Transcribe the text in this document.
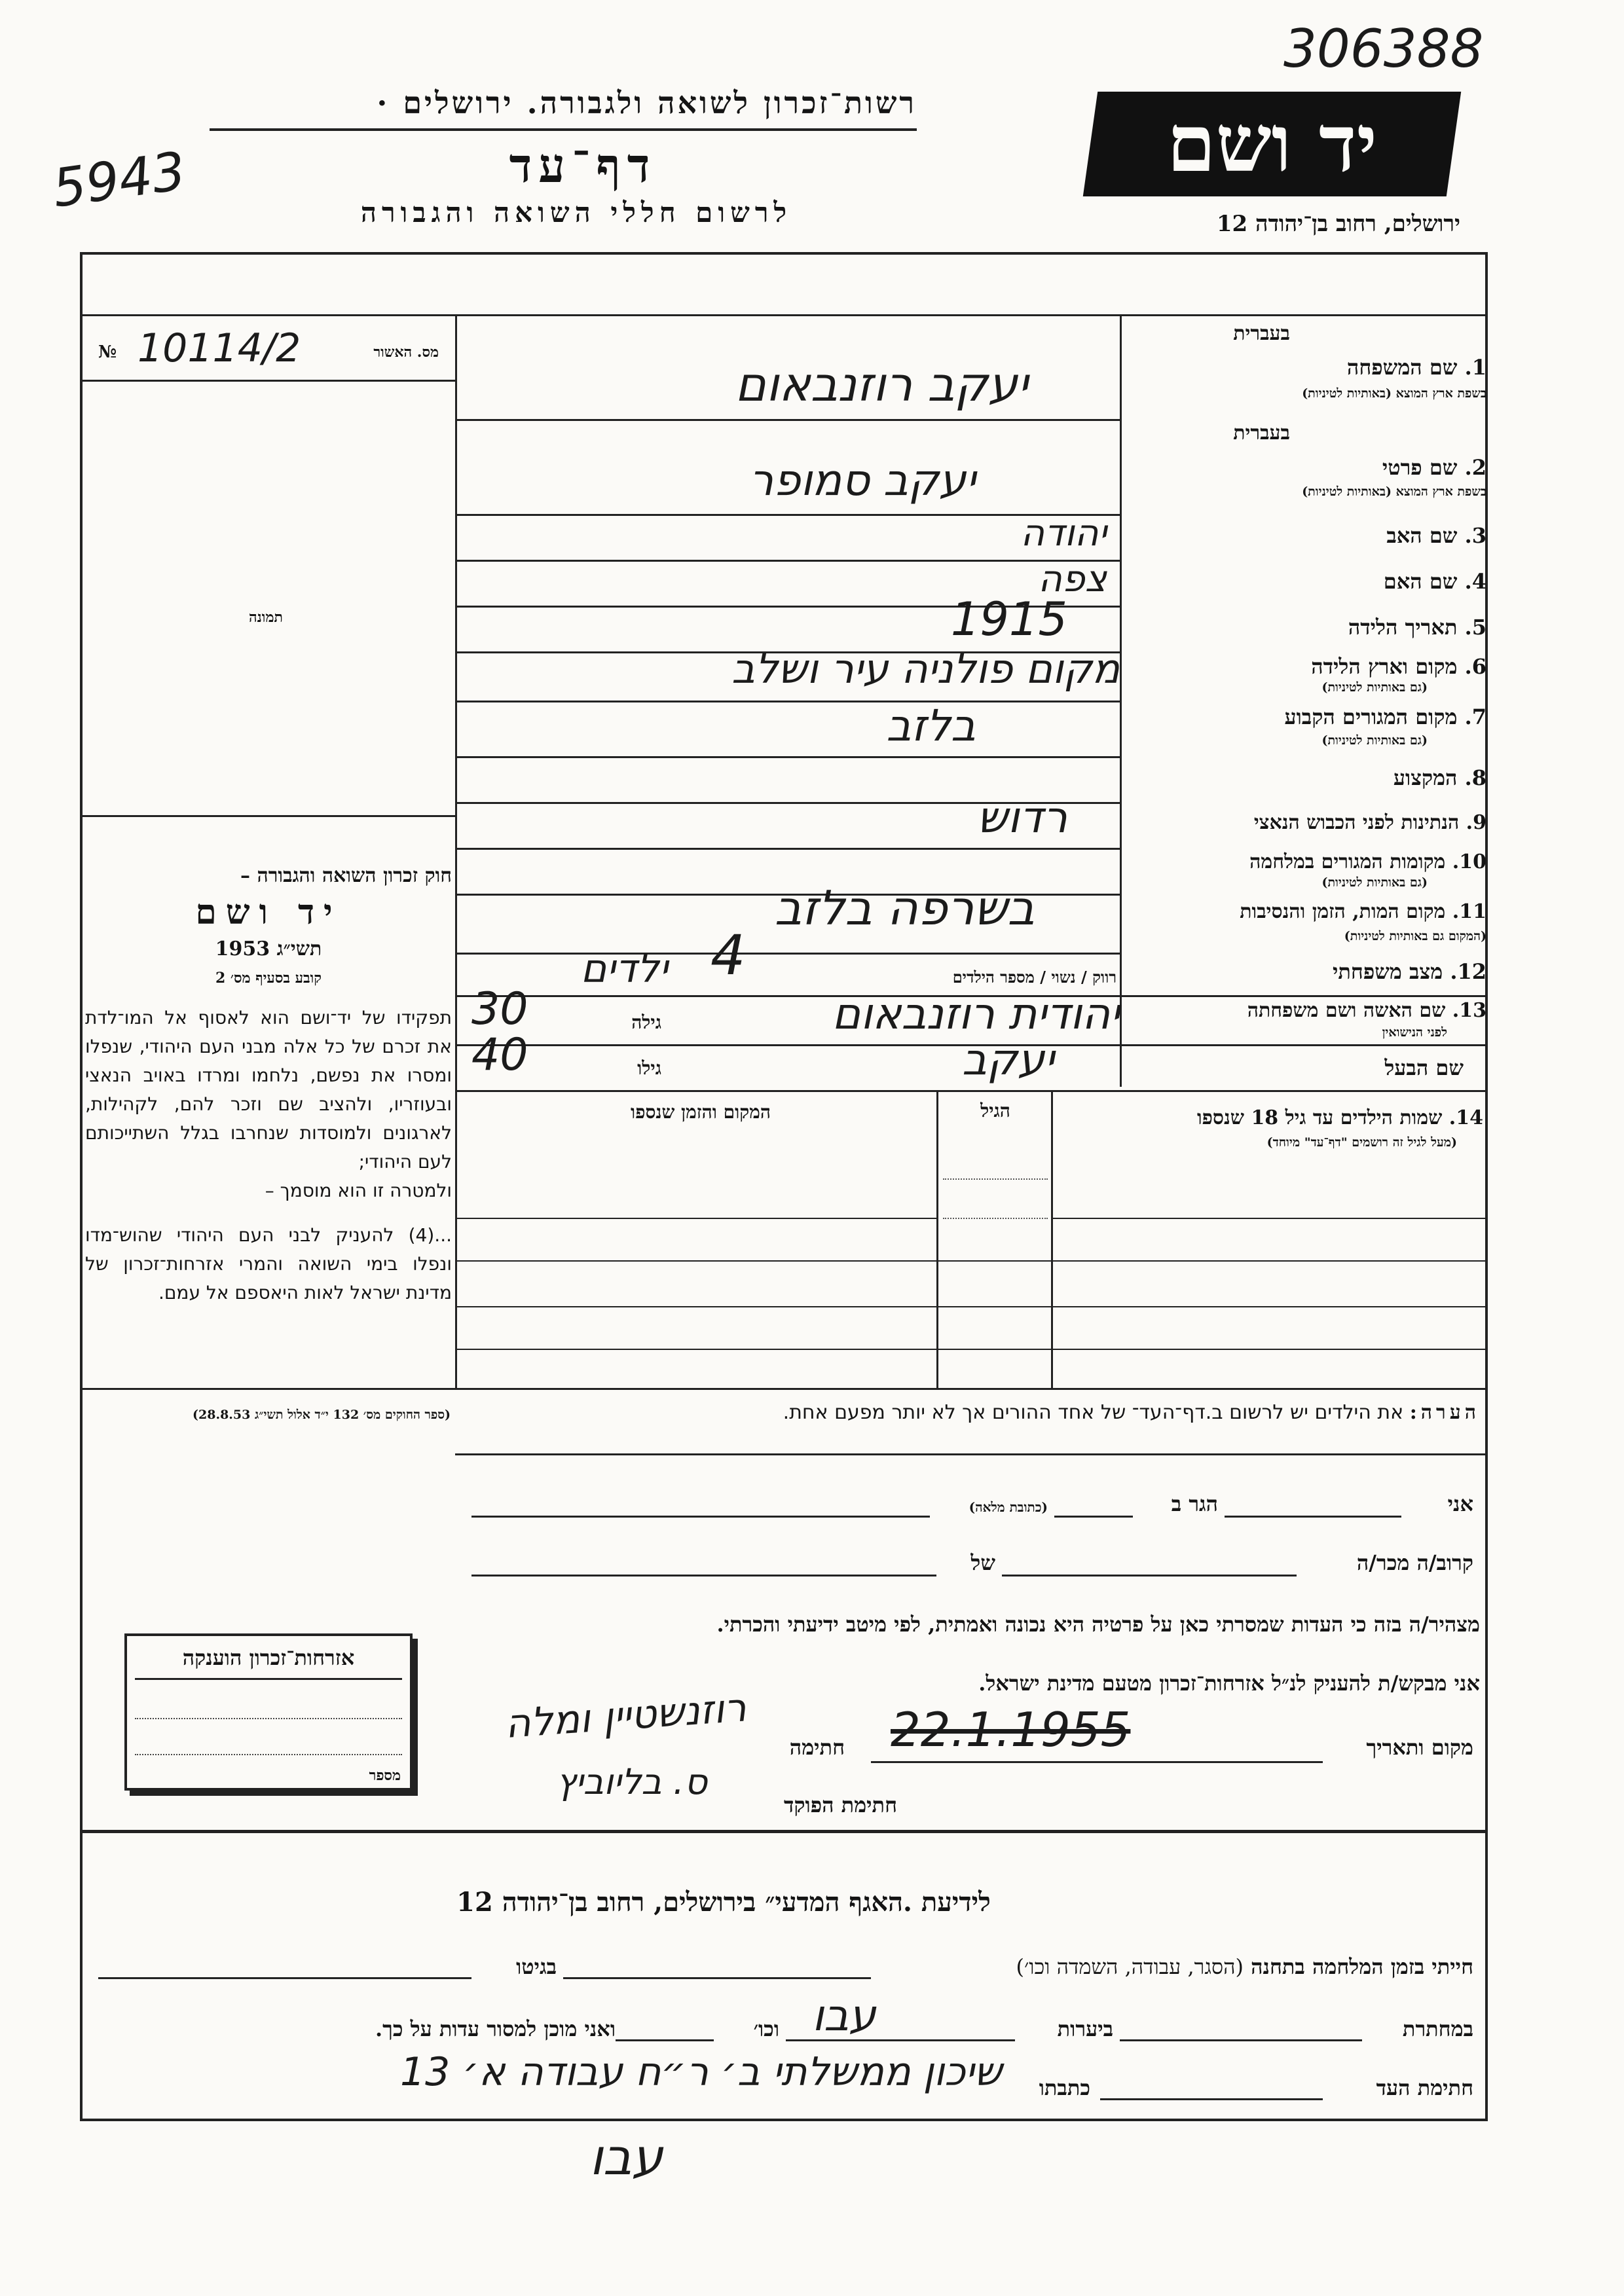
306388
5943
רשות־זכרון לשואה ולגבורה. ירושלים ·
דף־עד
לרשום חללי השואה והגבורה
יד ושם
ירושלים, רחוב בן־יהודה 12
№ 10114/2	מס. האשור
תמונה
חוק זכרון השואה והגבורה –
יד ושם
תשי״ג 1953
קובע בסעיף מס׳ 2
תפקידו של יד־ושם הוא לאסוף אל המו־לדת את זכרם של כל אלה מבני העם היהודי, שנפלו ומסרו את נפשם, נלחמו ומרדו באויב הנאצי ובעוזריו, ולהציב שם וזכר להם, לקהילות, לארגונים ולמוסדות שנחרבו בגלל השתייכותם לעם היהודי;
ולמטרה זו הוא מוסמך –
...(4) להעניק לבני העם היהודי שהוש־מדו ונפלו בימי השואה והמרי אזרחות־זכרון של מדינת ישראל לאות היאספם אל עמם.
(ספר החוקים מס׳ 132 י״ד אלול תשי״ג 28.8.53)
בעברית
1. שם המשפחה
בשפת ארץ המוצא (באותיות לטיניות)
יעקב רוזנבאום
בעברית
2. שם פרטי
בשפת ארץ המוצא (באותיות לטיניות)
יעקב סמופר
3. שם האב
יהודה
4. שם האם
צפה
5. תאריך הלידה
1915
6. מקום וארץ הלידה
(גם באותיות לטיניות)
מקום פולניה עיר ושלב
7. מקום המגורים הקבוע
(גם באותיות לטיניות)
בלזב
8. המקצוע
9. הנתינות לפני הכבוש הנאצי
רדוש
10. מקומות המגורים במלחמה
(גם באותיות לטיניות)
11. מקום המות, הזמן והנסיבות
(המקום גם באותיות לטיניות)
בשרפה בלזב
12. מצב משפחתי
רווק / נשוי / מספר הילדים
4
ילדים
13. שם האשה ושם משפחתה
לפני הנישואין
יהודית רוזנבאום
גילה
30
שם הבעל
יעקב
גילו
40
14. שמות הילדים עד גיל 18 שנספו
(מעל לגיל זה רושמים "דף־עד" מיוחד)
הגיל
המקום והזמן שנספו
הערה: את הילדים יש לרשום ב.דף־העד־ של אחד ההורים אך לא יותר מפעם אחת.
אני
הגר ב
(כתובת מלאה)
קרוב/ה מכר/ה
של
מצהיר/ה בזה כי העדות שמסרתי כאן על פרטיה היא נכונה ואמתית, לפי מיטב ידיעתי והכרתי.
אני מבקש/ת להעניק לנ״ל אזרחות־זכרון מטעם מדינת ישראל.
מקום ותאריך
22.1.1955
חתימה
רוזנשטיין ומלה
חתימת הפוקד
ס. בליוביץ
אזרחות־זכרון הוענקה
מספר
לידיעת .האגף המדעי״ בירושלים, רחוב בן־יהודה 12
חייתי בזמן המלחמה בתחנה (הסגר, עבודה, השמדה וכו׳)
בגיטו
במחתרת
ביערות
עבו
וכו׳
ואני מוכן למסור עדות על כך.
חתימת העד
כתבתו
שיכון ממשלתי ב׳ ר״ח עבודה א׳ 13
עבו
